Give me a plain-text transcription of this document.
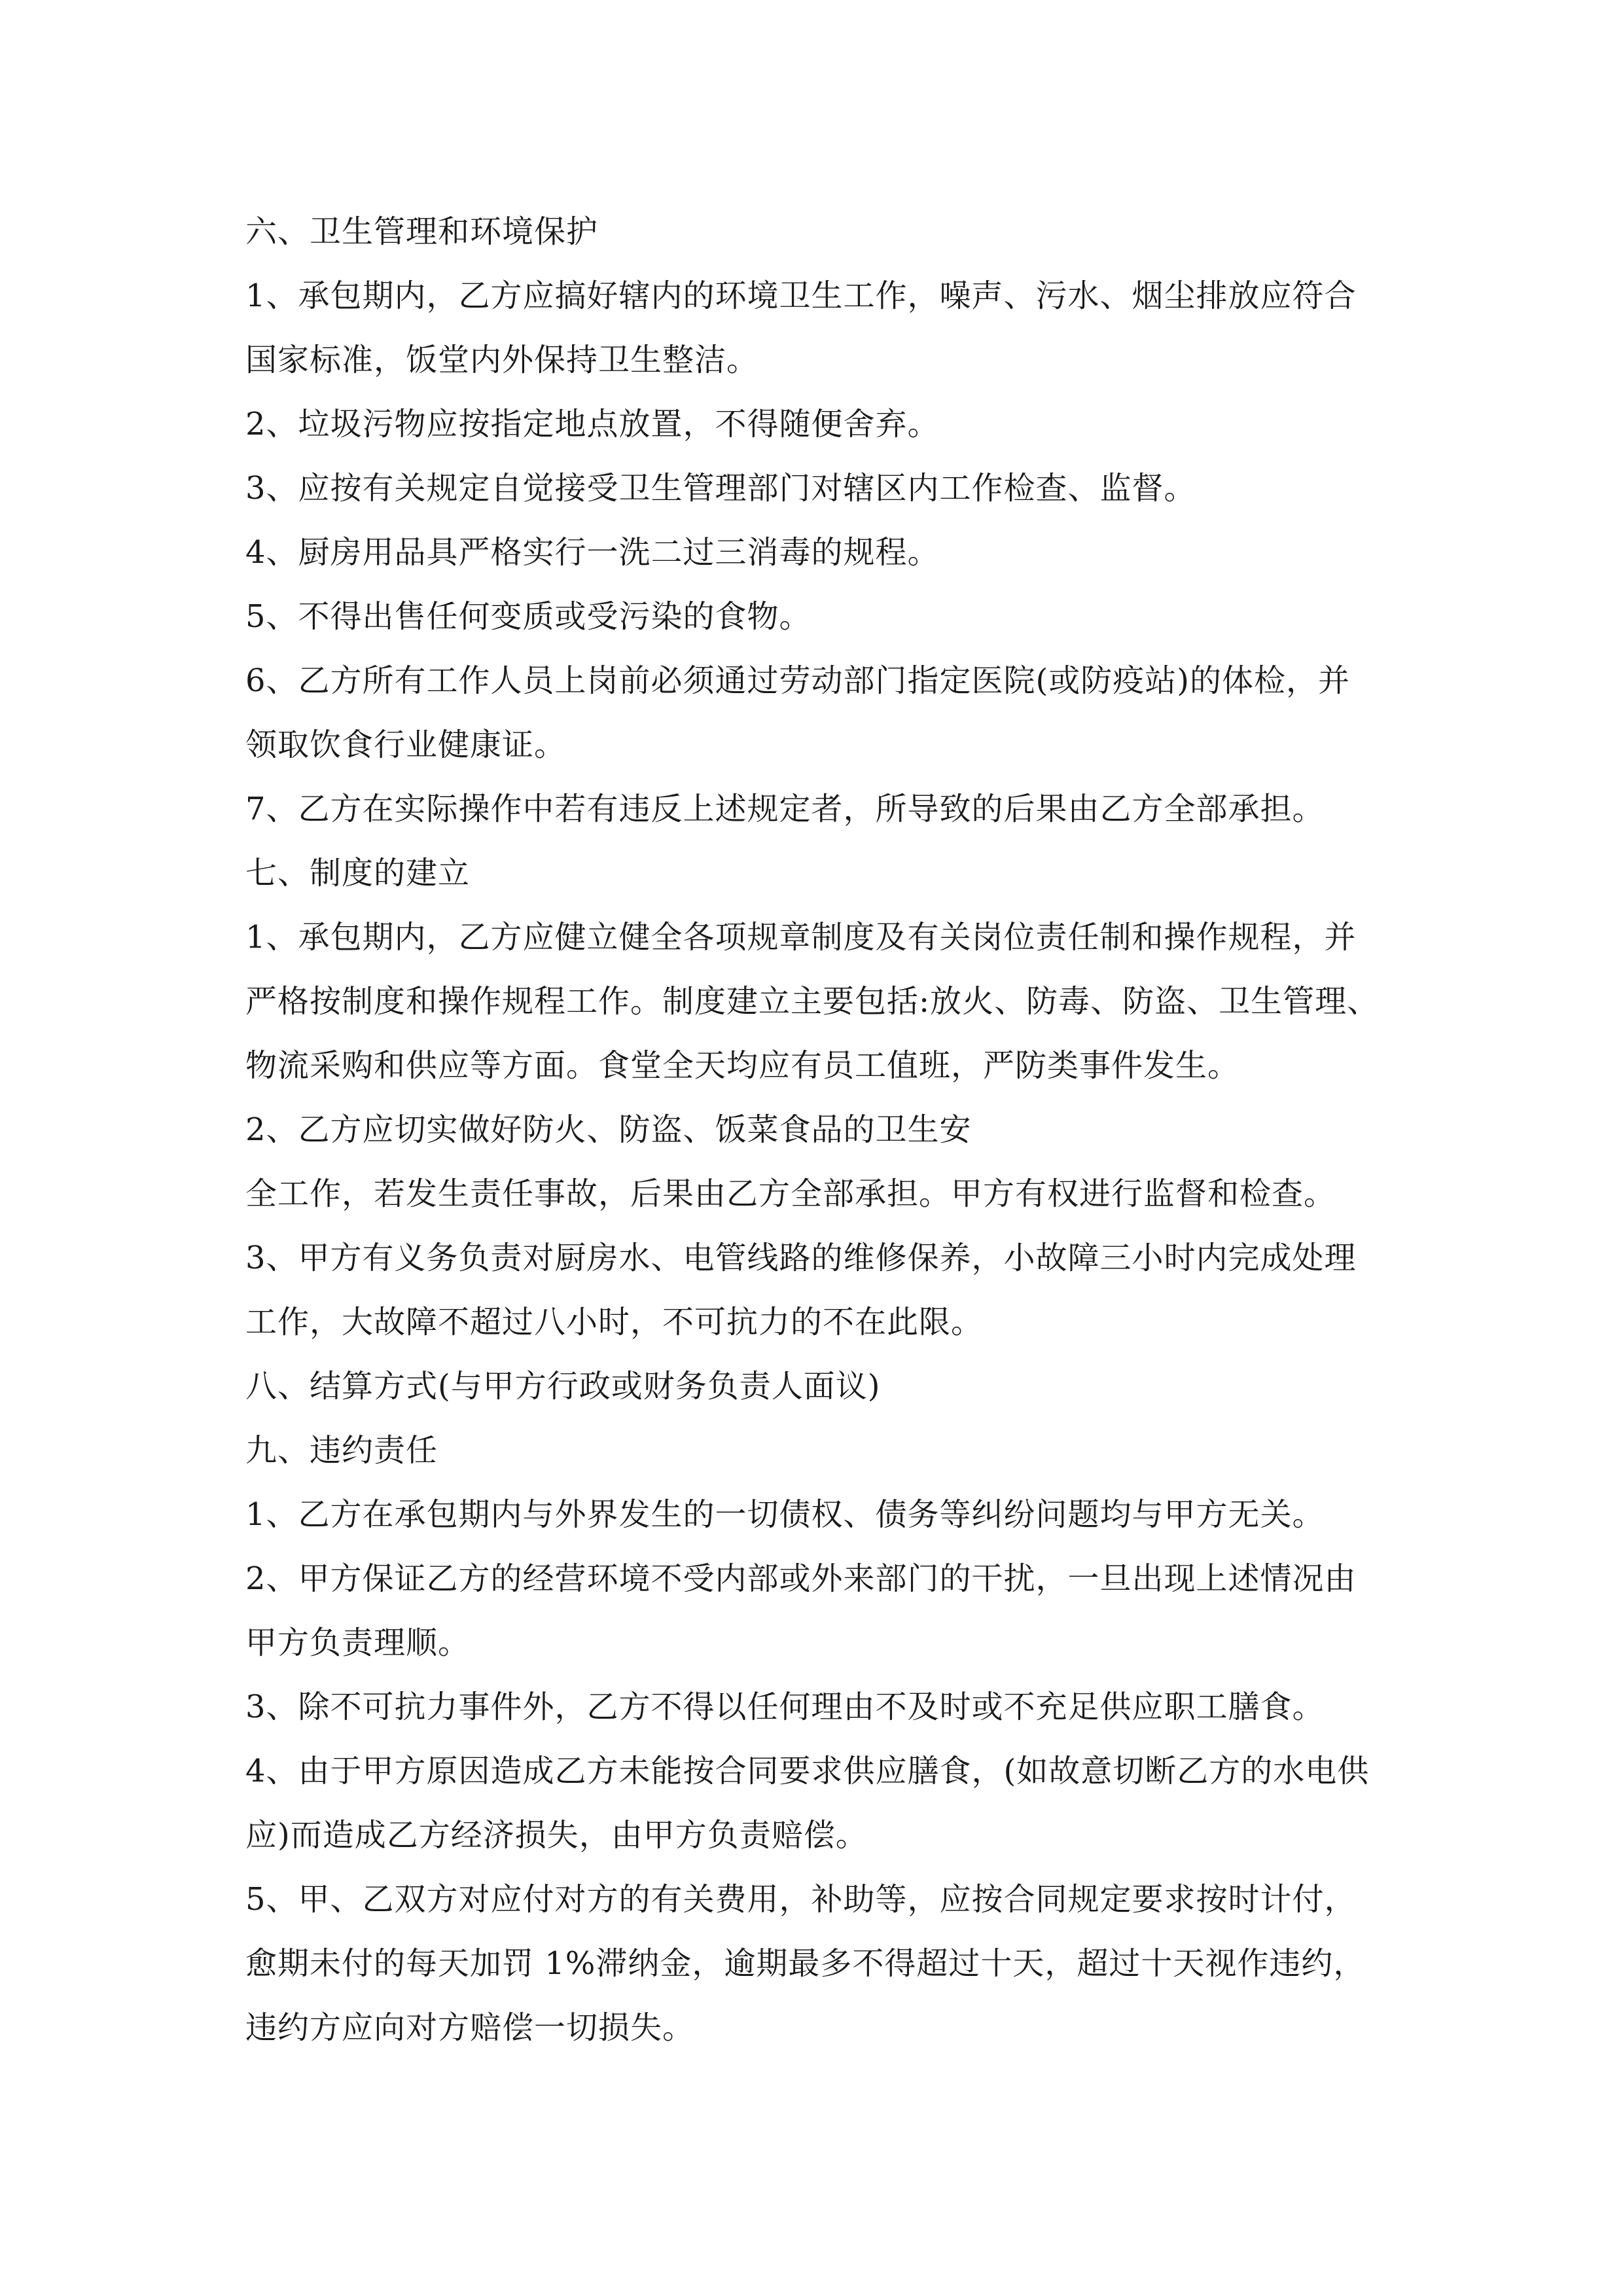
六、卫生管理和环境保护
1、承包期内，乙方应搞好辖内的环境卫生工作，噪声、污水、烟尘排放应符合
国家标准，饭堂内外保持卫生整洁。
2、垃圾污物应按指定地点放置，不得随便舍弃。
3、应按有关规定自觉接受卫生管理部门对辖区内工作检查、监督。
4、厨房用品具严格实行一洗二过三消毒的规程。
5、不得出售任何变质或受污染的食物。
6、乙方所有工作人员上岗前必须通过劳动部门指定医院(或防疫站)的体检，并
领取饮食行业健康证。
7、乙方在实际操作中若有违反上述规定者，所导致的后果由乙方全部承担。
七、制度的建立
1、承包期内，乙方应健立健全各项规章制度及有关岗位责任制和操作规程，并
严格按制度和操作规程工作。制度建立主要包括:放火、防毒、防盗、卫生管理、
物流采购和供应等方面。食堂全天均应有员工值班，严防类事件发生。
2、乙方应切实做好防火、防盗、饭菜食品的卫生安
全工作，若发生责任事故，后果由乙方全部承担。甲方有权进行监督和检查。
3、甲方有义务负责对厨房水、电管线路的维修保养，小故障三小时内完成处理
工作，大故障不超过八小时，不可抗力的不在此限。
八、结算方式(与甲方行政或财务负责人面议)
九、违约责任
1、乙方在承包期内与外界发生的一切债权、债务等纠纷问题均与甲方无关。
2、甲方保证乙方的经营环境不受内部或外来部门的干扰，一旦出现上述情况由
甲方负责理顺。
3、除不可抗力事件外，乙方不得以任何理由不及时或不充足供应职工膳食。
4、由于甲方原因造成乙方未能按合同要求供应膳食，(如故意切断乙方的水电供
应)而造成乙方经济损失，由甲方负责赔偿。
5、甲、乙双方对应付对方的有关费用，补助等，应按合同规定要求按时计付，
愈期未付的每天加罚 1%滞纳金，逾期最多不得超过十天，超过十天视作违约，
违约方应向对方赔偿一切损失。
